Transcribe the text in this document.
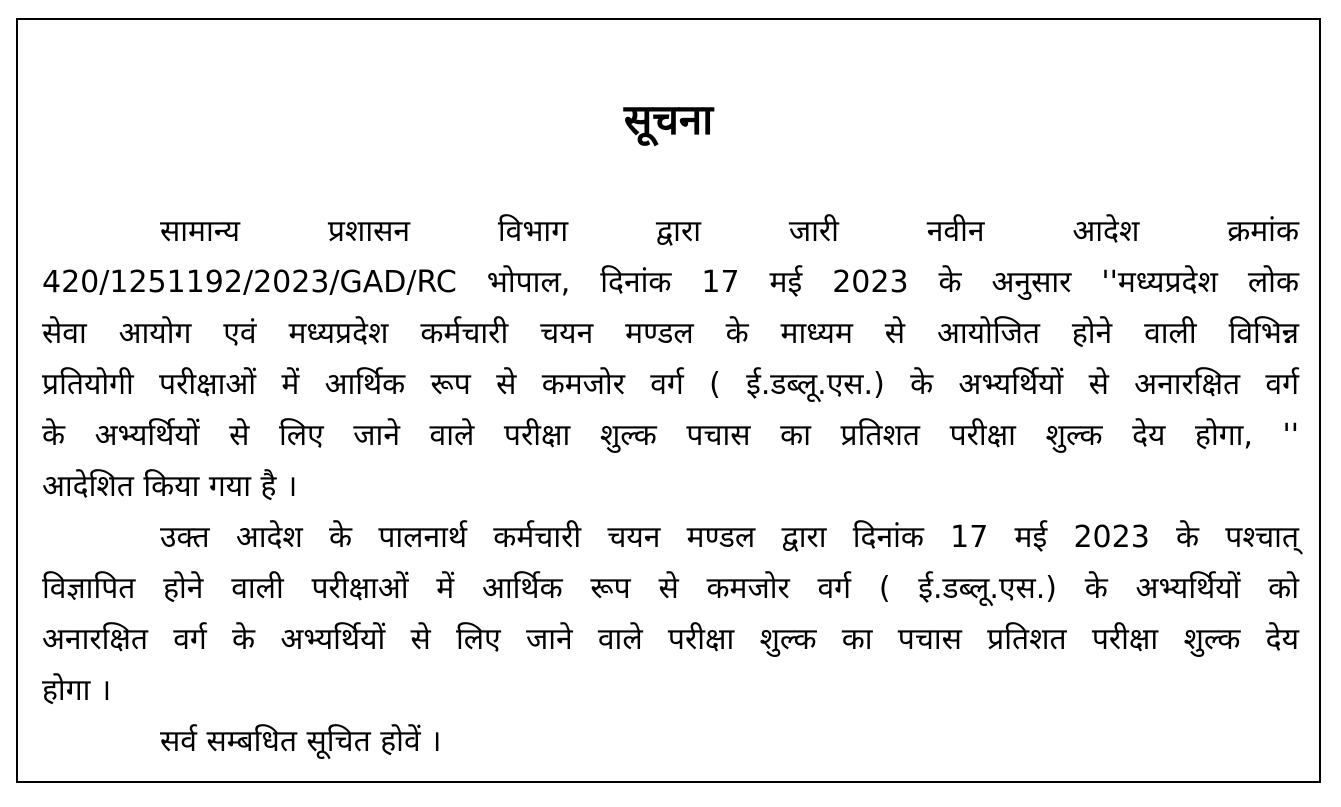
सूचना
सामान्य प्रशासन विभाग द्वारा जारी नवीन आदेश क्रमांक
420/1251192/2023/GAD/RC भोपाल, दिनांक 17 मई 2023 के अनुसार ''मध्यप्रदेश लोक
सेवा आयोग एवं मध्यप्रदेश कर्मचारी चयन मण्डल के माध्यम से आयोजित होने वाली विभिन्न
प्रतियोगी परीक्षाओं में आर्थिक रूप से कमजोर वर्ग ( ई.डब्लू.एस.) के अभ्यर्थियों से अनारक्षित वर्ग
के अभ्यर्थियों से लिए जाने वाले परीक्षा शुल्क पचास का प्रतिशत परीक्षा शुल्क देय होगा, ''
आदेशित किया गया है ।
उक्त आदेश के पालनार्थ कर्मचारी चयन मण्डल द्वारा दिनांक 17 मई 2023 के पश्चात्
विज्ञापित होने वाली परीक्षाओं में आर्थिक रूप से कमजोर वर्ग ( ई.डब्लू.एस.) के अभ्यर्थियों को
अनारक्षित वर्ग के अभ्यर्थियों से लिए जाने वाले परीक्षा शुल्क का पचास प्रतिशत परीक्षा शुल्क देय
होगा ।
सर्व सम्बधित सूचित होवें ।
